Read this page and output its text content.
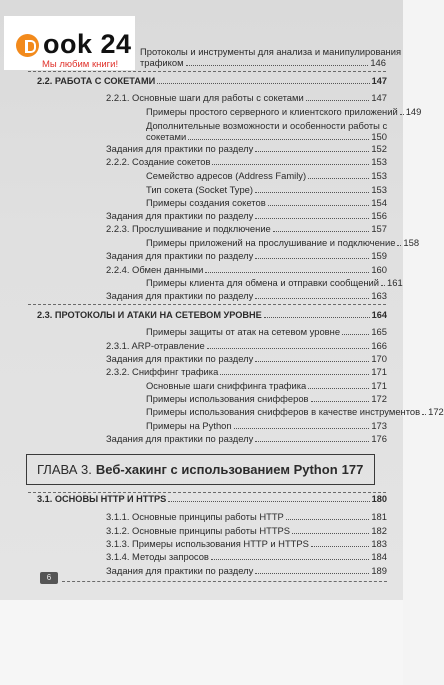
ook 24
Мы любим книги!
Протоколы и инструменты для анализа и манипулирования
трафиком	146
2.2. РАБОТА С СОКЕТАМИ	147
2.2.1. Основные шаги для работы с сокетами	147
Примеры простого серверного и клиентского приложений 149
Дополнительные возможности и особенности работы с
сокетами	150
Задания для практики по разделу	152
2.2.2. Создание сокетов	153
Семейство адресов (Address Family)	153
Тип сокета (Socket Type)	153
Примеры создания сокетов	154
Задания для практики по разделу	156
2.2.3. Прослушивание и подключение	157
Примеры приложений на прослушивание и подключение 158
Задания для практики по разделу	159
2.2.4. Обмен данными	160
Примеры клиента для обмена и отправки сообщений 161
Задания для практики по разделу	163
2.3. ПРОТОКОЛЫ И АТАКИ НА СЕТЕВОМ УРОВНЕ	164
Примеры защиты от атак на сетевом уровне	165
2.3.1. ARP-отравление	166
Задания для практики по разделу	170
2.3.2. Сниффинг трафика	171
Основные шаги сниффинга трафика	171
Примеры использования снифферов	172
Примеры использования снифферов в качестве инструментов 172
Примеры на Python	173
Задания для практики по разделу	176
ГЛАВА 3. Веб-хакинг с использованием Python 177
3.1. ОСНОВЫ HTTP И HTTPS	180
3.1.1. Основные принципы работы HTTP	181
3.1.2. Основные принципы работы HTTPS	182
3.1.3. Примеры использования HTTP и HTTPS	183
3.1.4. Методы запросов	184
Задания для практики по разделу	189
6
